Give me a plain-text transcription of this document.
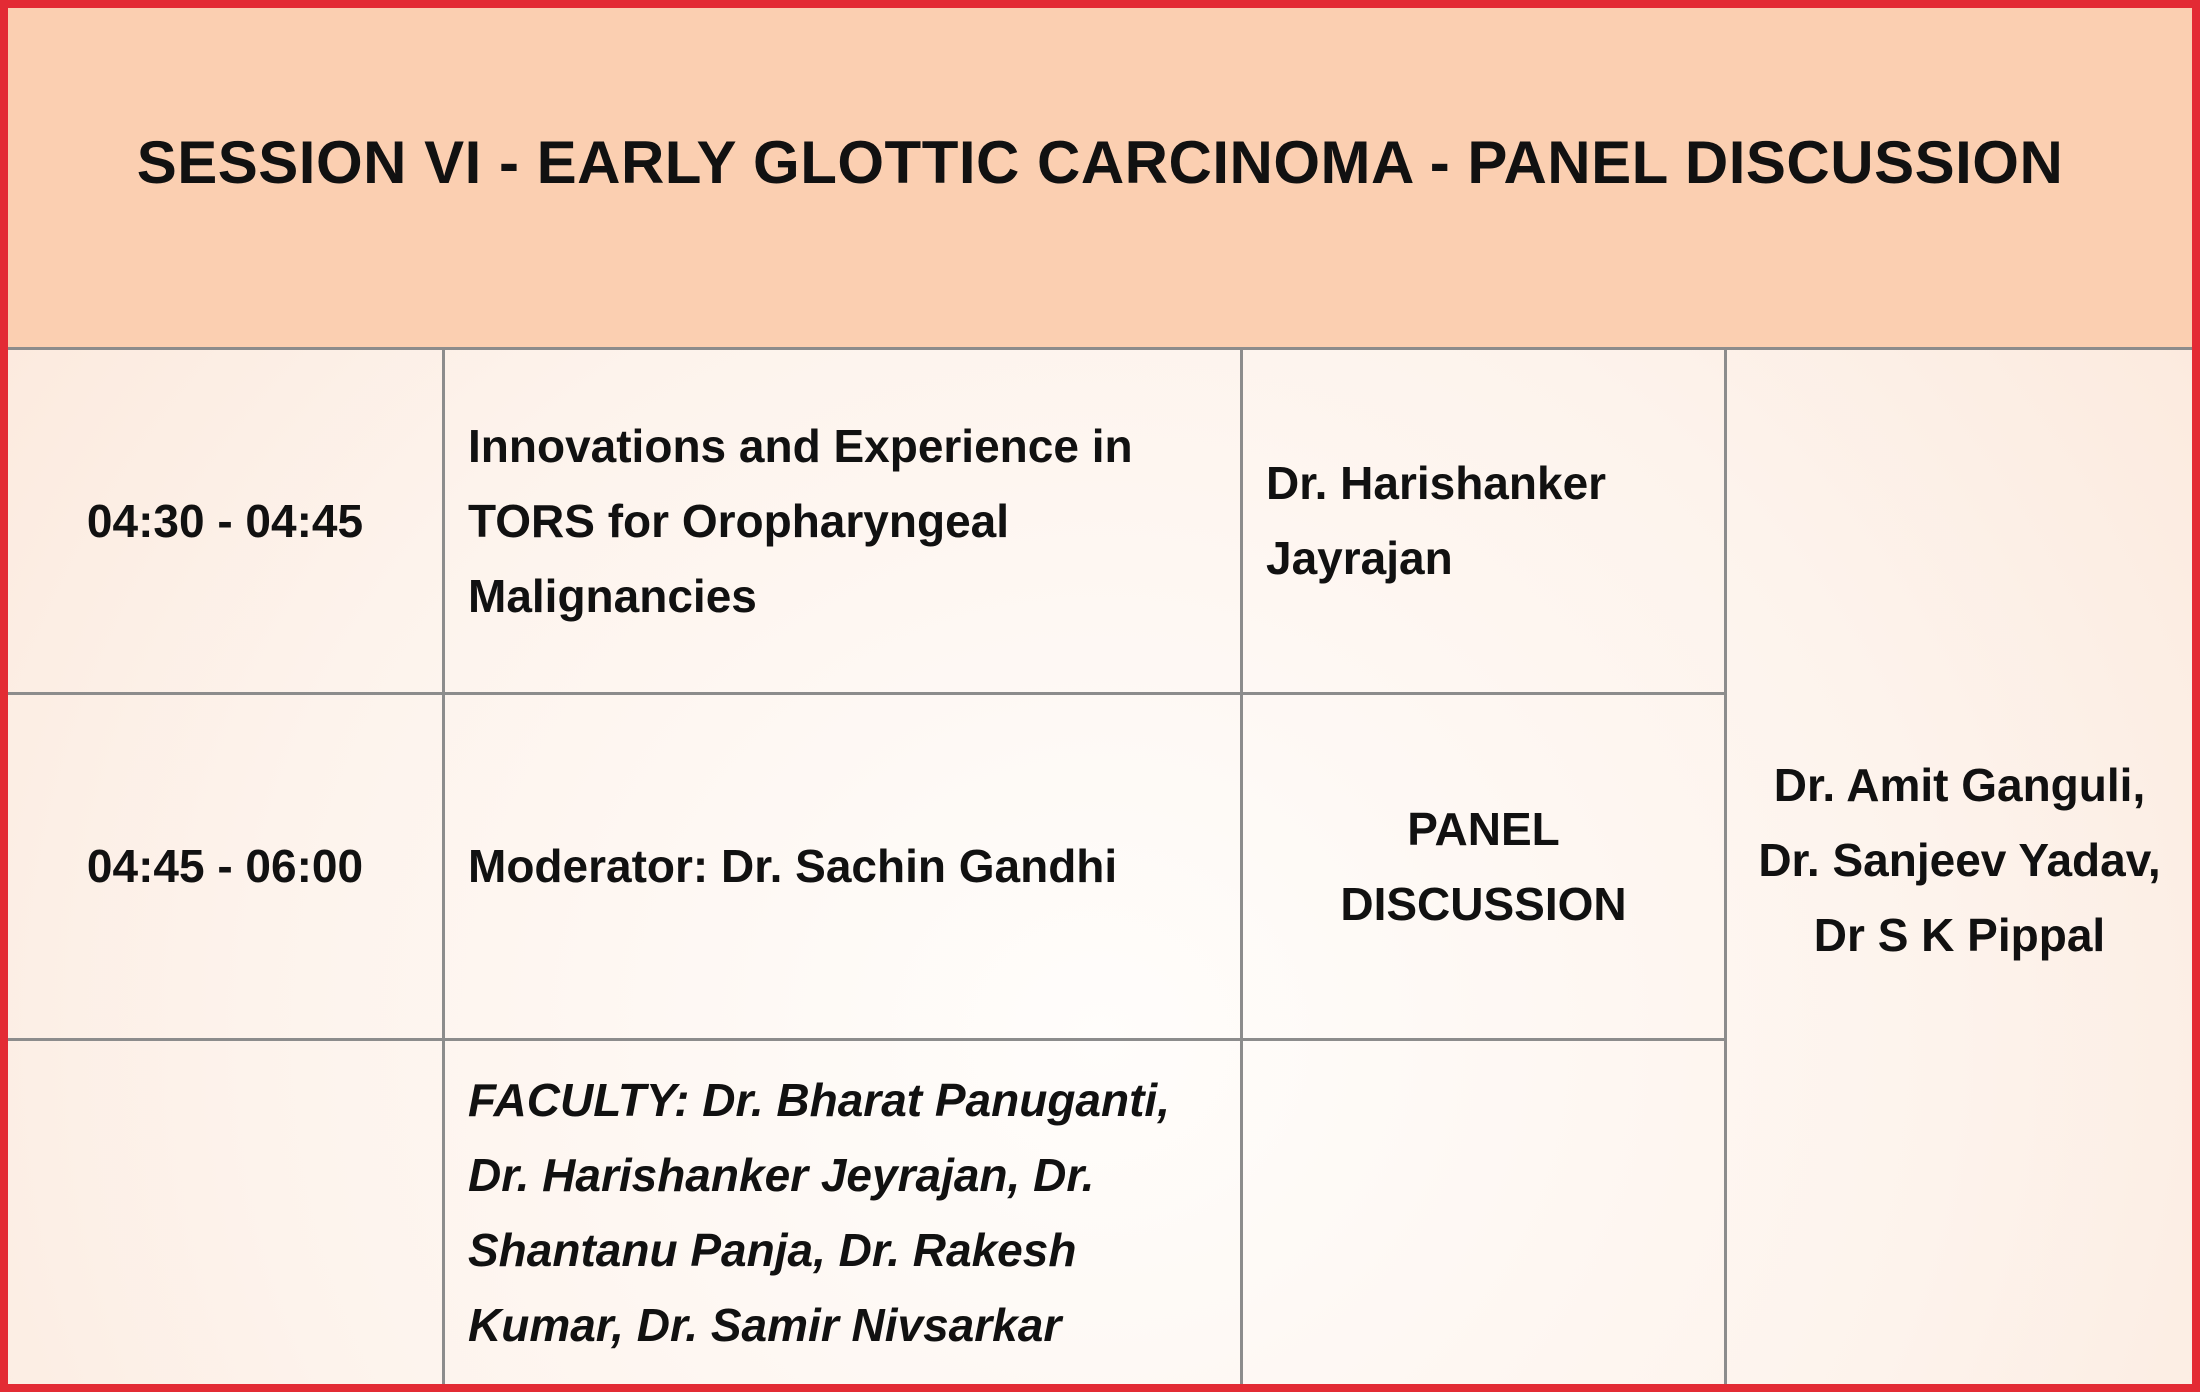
SESSION VI - EARLY GLOTTIC CARCINOMA - PANEL DISCUSSION
04:30 - 04:45
Innovations and Experience in TORS for Oropharyngeal Malignancies
Dr. Harishanker Jayrajan
04:45 - 06:00 Moderator: Dr. Sachin Gandhi
PANEL DISCUSSION
FACULTY: Dr. Bharat Panuganti, Dr. Harishanker Jeyrajan, Dr. Shantanu Panja, Dr. Rakesh Kumar, Dr. Samir Nivsarkar
Dr. Amit Ganguli, Dr. Sanjeev Yadav, Dr S K Pippal
